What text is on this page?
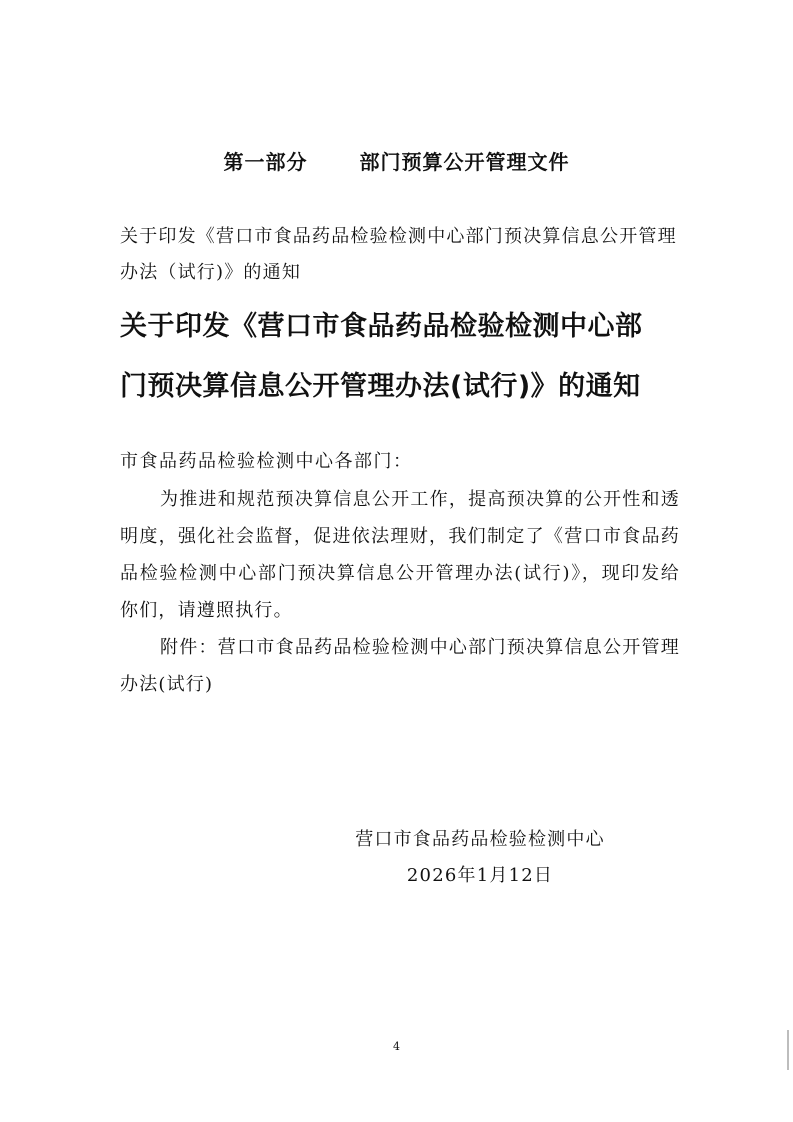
第一部分	部门预算公开管理文件
关于印发《营口市食品药品检验检测中心部门预决算信息公开管理办法（试行)》的通知
关于印发《营口市食品药品检验检测中心部
门预决算信息公开管理办法(试行)》的通知
市食品药品检验检测中心各部门：

为推进和规范预决算信息公开工作，提高预决算的公开性和透明度，强化社会监督，促进依法理财，我们制定了《营口市食品药品检验检测中心部门预决算信息公开管理办法(试行)》，现印发给你们，请遵照执行。

附件：营口市食品药品检验检测中心部门预决算信息公开管理办法(试行)

营口市食品药品检验检测中心
2026年1月12日
4
